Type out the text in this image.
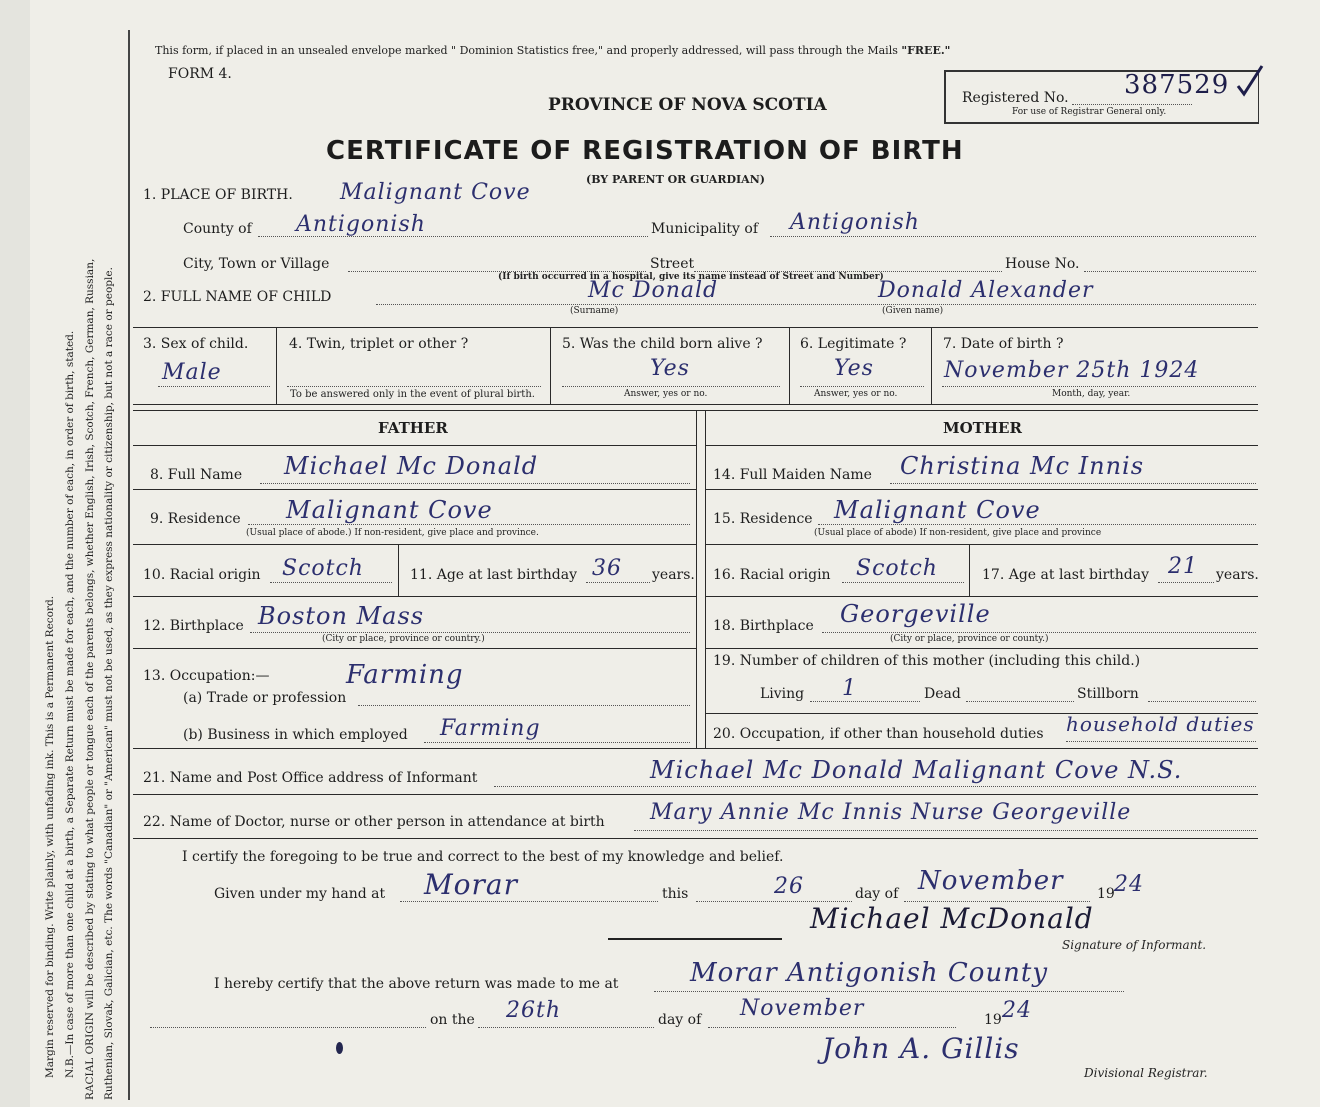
Margin reserved for binding. Write plainly, with unfading ink. This is a Permanent Record. N.B.—In case of more than one child at a birth, a Separate Return must be made for each, and the number of each, in order of birth, stated. RACIAL ORIGIN will be described by stating to what people or tongue each of the parents belongs, whether English, Irish, Scotch, French, German, Russian, Ruthenian, Slovak, Galician, etc. The words "Canadian" or "American" must not be used, as they express nationality or citizenship, but not a race or people.
This form, if placed in an unsealed envelope marked " Dominion Statistics free," and properly addressed, will pass through the Mails "FREE."
FORM 4.
PROVINCE OF NOVA SCOTIA	Registered No. 387529
For use of Registrar General only.
CERTIFICATE OF REGISTRATION OF BIRTH
(BY PARENT OR GUARDIAN)
1. PLACE OF BIRTH. Malignant Cove
County of Antigonish	Municipality of Antigonish
City, Town or Village	Street	House No.
(If birth occurred in a hospital, give its name instead of Street and Number)
2. FULL NAME OF CHILD	Mc Donald	Donald Alexander
(Surname)	(Given name)
3. Sex of child.
Male
4. Twin, triplet or other ?
To be answered only in the event of plural birth.
5. Was the child born alive ?
Yes
Answer, yes or no.
6. Legitimate ?
Yes
Answer, yes or no.
7. Date of birth ?
November 25th 1924
Month, day, year.
FATHER	MOTHER
8. Full Name Michael Mc Donald
9. Residence Malignant Cove
(Usual place of abode.) If non-resident, give place and province.
10. Racial origin Scotch	11. Age at last birthday 36 years.
12. Birthplace Boston Mass
(City or place, province or country.)
13. Occupation:—
(a) Trade or profession
Farming
(b) Business in which employed Farming
14. Full Maiden Name Christina Mc Innis
15. Residence Malignant Cove
(Usual place of abode) If non-resident, give place and province
16. Racial origin Scotch	17. Age at last birthday 21 years.
18. Birthplace Georgeville
(City or place, province or county.)
19. Number of children of this mother (including this child.)
Living 1	Dead	Stillborn
20. Occupation, if other than household duties household duties
21. Name and Post Office address of Informant	Michael Mc Donald Malignant Cove N.S.
22. Name of Doctor, nurse or other person in attendance at birth Mary Annie Mc Innis Nurse Georgeville
I certify the foregoing to be true and correct to the best of my knowledge and belief.
Given under my hand at Morar	this	26	day of November 19 24
Michael McDonald
Signature of Informant.
I hereby certify that the above return was made to me at	Morar Antigonish County
on the 26th	day of November	19 24
John A. Gillis
Divisional Registrar.
